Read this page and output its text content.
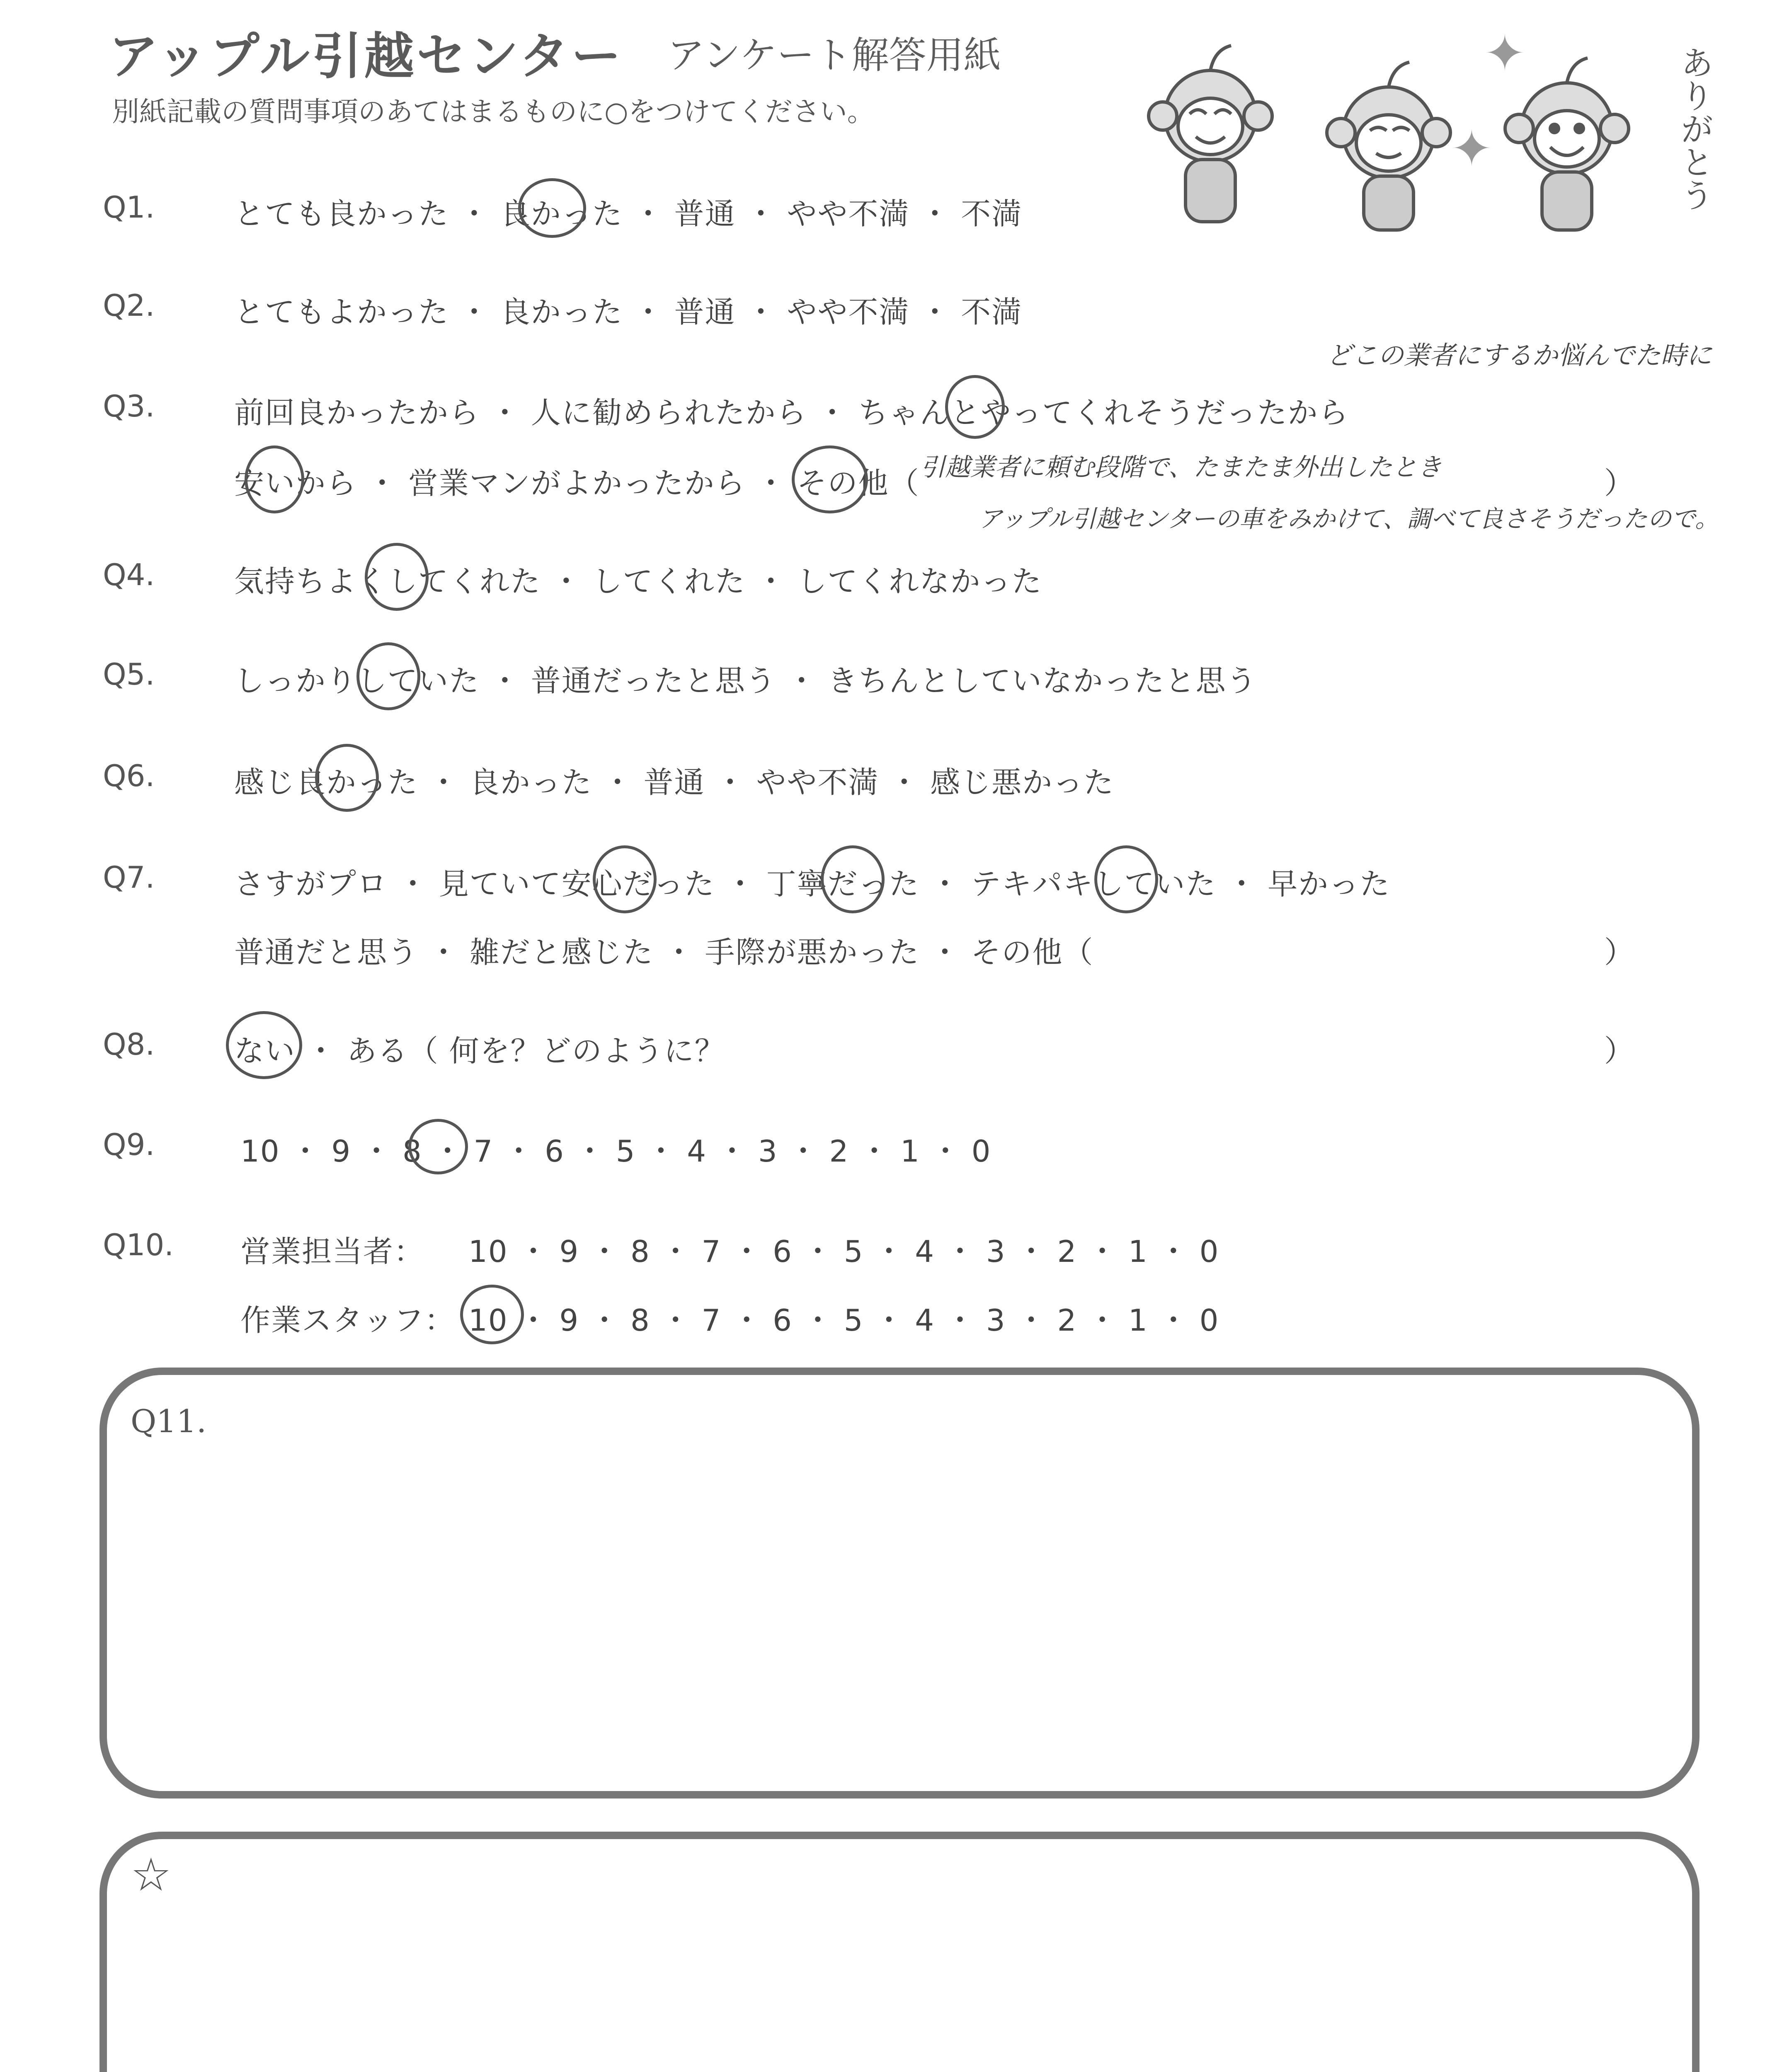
アップル引越センター アンケート解答用紙
別紙記載の質問事項のあてはまるものに○をつけてください。
✦
✦	ありがとう
Q1.	とても良かった ・ 良かった ・ 普通 ・ やや不満 ・ 不満
Q2.	とてもよかった ・ 良かった ・ 普通 ・ やや不満 ・ 不満
Q3.	前回良かったから ・ 人に勧められたから ・ ちゃんとやってくれそうだったから
安いから ・ 営業マンがよかったから ・ その他（	）
どこの業者にするか悩んでた時に
引越業者に頼む段階で、たまたま外出したとき
アップル引越センターの車をみかけて、調べて良さそうだったので。
Q4.	気持ちよくしてくれた ・ してくれた ・ してくれなかった
Q5.	しっかりしていた ・ 普通だったと思う ・ きちんとしていなかったと思う
Q6.	感じ良かった ・ 良かった ・ 普通 ・ やや不満 ・ 感じ悪かった
Q7.	さすがプロ ・ 見ていて安心だった ・ 丁寧だった ・ テキパキしていた ・ 早かった
普通だと思う ・ 雑だと感じた ・ 手際が悪かった ・ その他（	）
Q8.	ない ・ ある（ 何を？どのように？	）
Q9.	10 ・ 9 ・ 8 ・ 7 ・ 6 ・ 5 ・ 4 ・ 3 ・ 2 ・ 1 ・ 0
Q10. 営業担当者： 10 ・ 9 ・ 8 ・ 7 ・ 6 ・ 5 ・ 4 ・ 3 ・ 2 ・ 1 ・ 0
作業スタッフ： 10 ・ 9 ・ 8 ・ 7 ・ 6 ・ 5 ・ 4 ・ 3 ・ 2 ・ 1 ・ 0
Q11.
☆
